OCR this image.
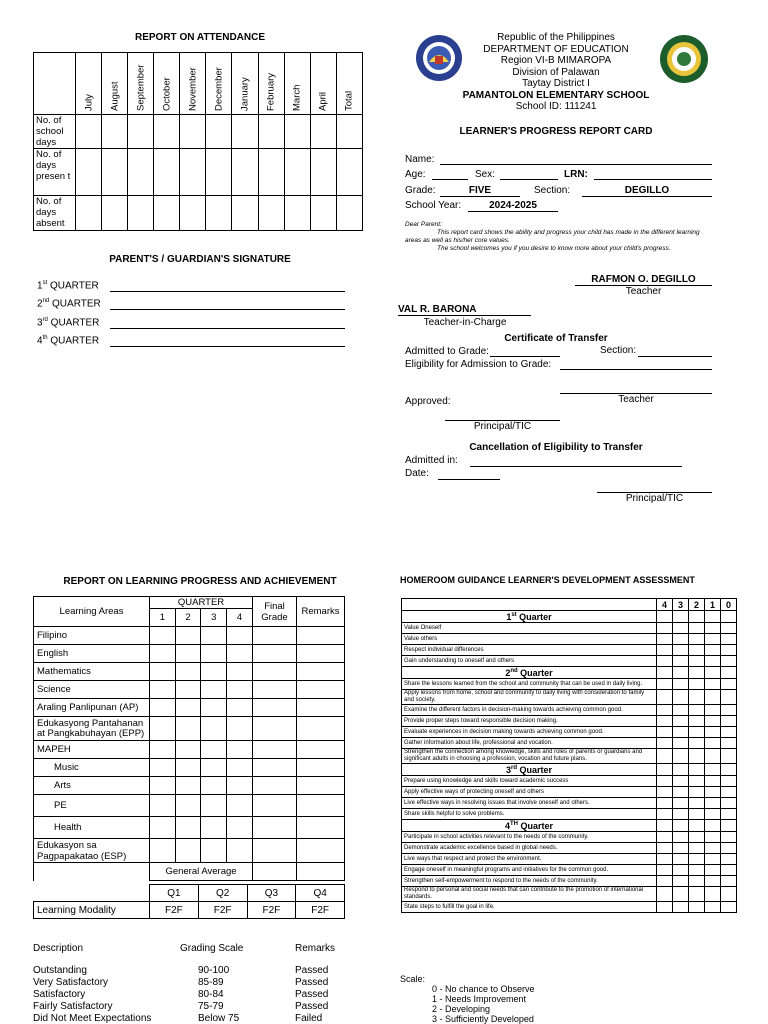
REPORT ON ATTENDANCE
	July	August	September	October	November	December	January	February	March	April	Total
No. of school days											
No. of days presen t											
No. of days absent											
PARENT'S / GUARDIAN'S SIGNATURE
1st QUARTER
2nd QUARTER
3rd QUARTER
4th QUARTER
Republic of the Philippines
DEPARTMENT OF EDUCATION
Region VI-B MIMAROPA
Division of Palawan
Taytay District I
PAMANTOLON ELEMENTARY SCHOOL
School ID: 111241
LEARNER'S PROGRESS REPORT CARD
Name:
Age:	Sex:	LRN:
Grade:	FIVE	Section:	DEGILLO
School Year:	2024-2025
Dear Parent:
This report card shows the ability and progress your child has made in the different learning areas as well as his/her core values.
The school welcomes you if you desire to know more about your child's progress.
RAFMON O. DEGILLO
Teacher
VAL R. BARONA
Teacher-in-Charge
Certificate of Transfer
Admitted to Grade:	Section:
Eligibility for Admission to Grade:
Approved:	Teacher
Principal/TIC
Cancellation of Eligibility to Transfer
Admitted in:
Date:
Principal/TIC
REPORT ON LEARNING PROGRESS AND ACHIEVEMENT
Learning Areas	QUARTER				Final Grade	Remarks
	1	2	3	4		
Filipino						
English						
Mathematics						
Science						
Araling Panlipunan (AP)						
Edukasyong Pantahanan at Pangkabuhayan (EPP)						
MAPEH						
Music						
Arts						
PE						
Health						
Edukasyon sa Pagpapakatao (ESP)						
	General Average					
	Q1	Q2	Q3	Q4
Learning Modality	F2F	F2F	F2F	F2F
Description	Grading Scale	Remarks
Outstanding	90-100	Passed
Very Satisfactory	85-89	Passed
Satisfactory	80-84	Passed
Fairly Satisfactory	75-79	Passed
Did Not Meet Expectations	Below 75	Failed
HOMEROOM GUIDANCE LEARNER'S DEVELOPMENT ASSESSMENT
	4	3	2	1	0
1st Quarter					
Value Oneself					
Value others					
Respect individual differences					
Gain understanding to oneself and others					
2nd Quarter					
Share the lessons learned from the school and community that can be used in daily living.					
Apply lessons from home, school and community to daily living with consideration to family and society.					
Examine the different factors in decision-making towards achieving common good.					
Provide proper steps toward responsible decision making.					
Evaluate experiences in decision making towards achieving common good.					
Gather information about life, professional and vocation.					
Strengthen the connection among knowledge, skills and roles of parents or guardians and significant adults in choosing a profession, vocation and future plans.					
3rd Quarter					
Prepare using knowledge and skills toward academic success					
Apply effective ways of protecting oneself and others					
Live effective ways in resolving issues that involve oneself and others.					
Share skills helpful to solve problems.					
4TH Quarter					
Participate in school activities relevant to the needs of the community.					
Demonstrate academic excellence based in global needs.					
Live ways that respect and protect the environment.					
Engage oneself in meaningful programs and initiatives for the common good.					
Strengthen self-empowerment to respond to the needs of the community.					
Respond to personal and social needs that can contribute to the promotion of international standards.					
State steps to fulfill the goal in life.					
Scale:
0 - No chance to Observe
1 - Needs Improvement
2 - Developing
3 - Sufficiently Developed
